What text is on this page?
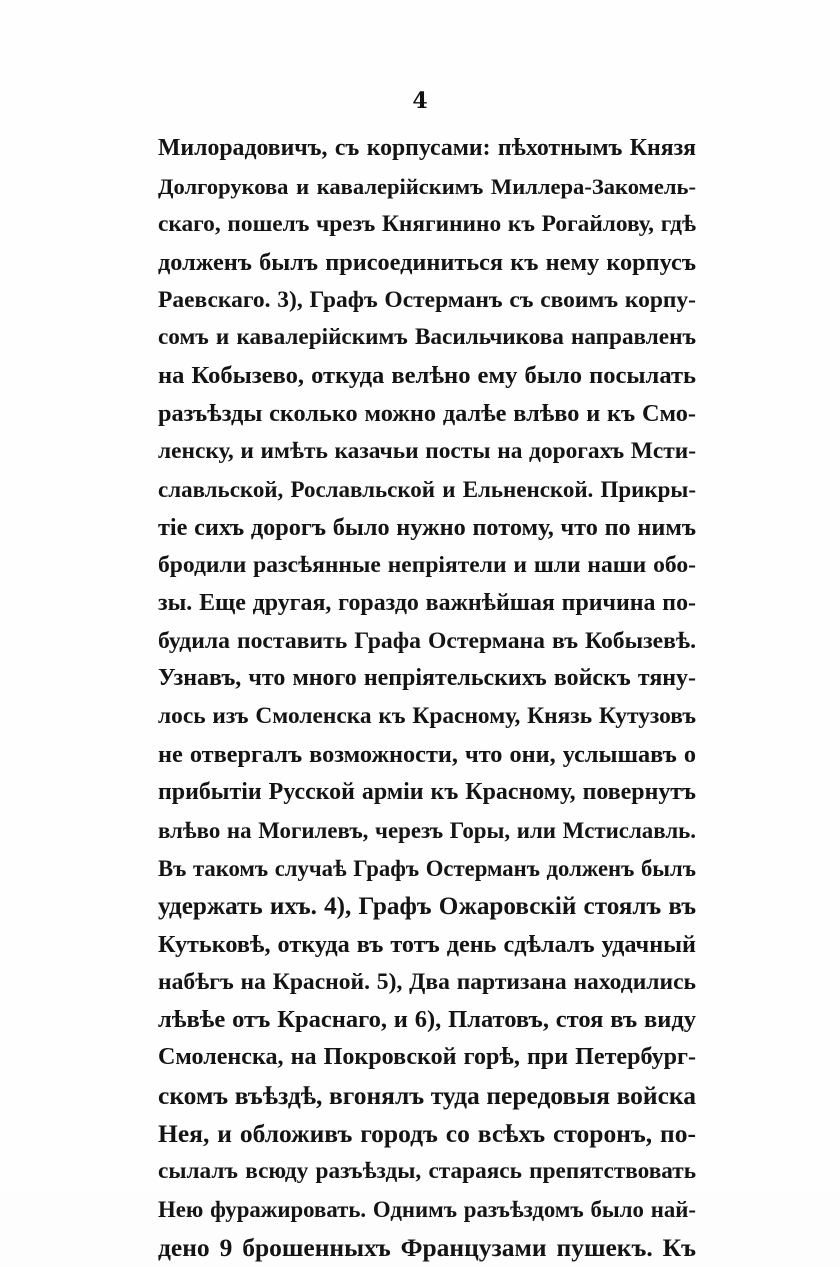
4
Милорадовичъ, съ корпусами: пѣхотнымъ Князя
Долгорукова и кавалерійскимъ Миллера-Закомель-
скаго, пошелъ чрезъ Княгинино къ Рогайлову, гдѣ
долженъ былъ присоединиться къ нему корпусъ
Раевскаго. 3), Графъ Остерманъ съ своимъ корпу-
сомъ и кавалерійскимъ Васильчикова направленъ
на Кобызево, откуда велѣно ему было посылать
разъѣзды сколько можно далѣе влѣво и къ Смо-
ленску, и имѣть казачьи посты на дорогахъ Мсти-
славльской, Рославльской и Ельненской. Прикры-
тіе сихъ дорогъ было нужно потому, что по нимъ
бродили разсѣянные непріятели и шли наши обо-
зы. Еще другая, гораздо важнѣйшая причина по-
будила поставить Графа Остермана въ Кобызевѣ.
Узнавъ, что много непріятельскихъ войскъ тяну-
лось изъ Смоленска къ Красному, Князь Кутузовъ
не отвергалъ возможности, что они, услышавъ о
прибытіи Русской арміи къ Красному, повернутъ
влѣво на Могилевъ, черезъ Горы, или Мстиславль.
Въ такомъ случаѣ Графъ Остерманъ долженъ былъ
удержать ихъ. 4), Графъ Ожаровскій стоялъ въ
Кутьковѣ, откуда въ тотъ день сдѣлалъ удачный
набѣгъ на Красной. 5), Два партизана находились
лѣвѣе отъ Краснаго, и 6), Платовъ, стоя въ виду
Смоленска, на Покровской горѣ, при Петербург-
скомъ въѣздѣ, вгонялъ туда передовыя войска
Нея, и обложивъ городъ со всѣхъ сторонъ, по-
сылалъ всюду разъѣзды, стараясь препятствовать
Нею фуражировать. Однимъ разъѣздомъ было най-
дено 9 брошенныхъ Французами пушекъ. Къ
